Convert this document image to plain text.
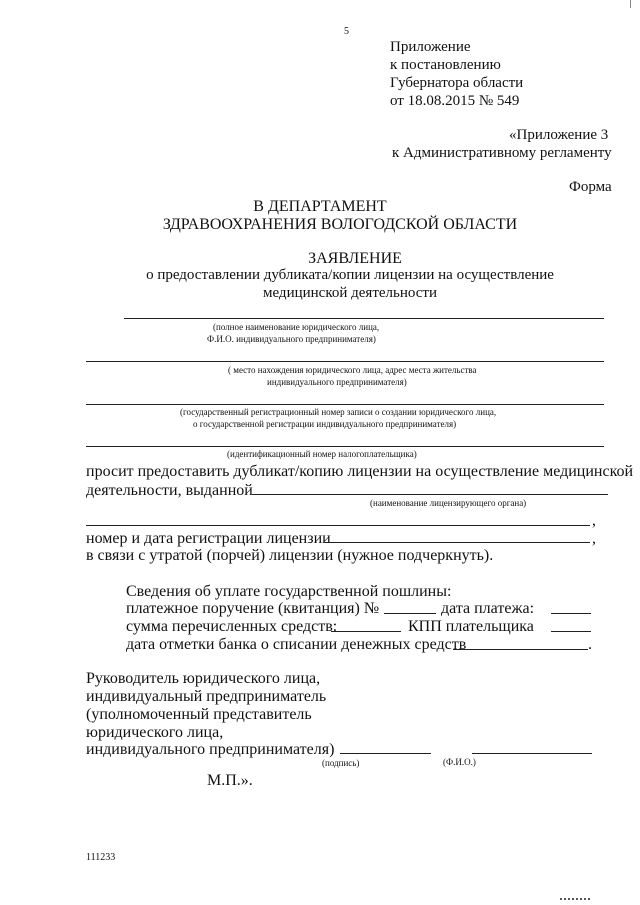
5
Приложение
к постановлению
Губернатора области
от 18.08.2015 № 549
«Приложение 3
к Административному регламенту
Форма
В ДЕПАРТАМЕНТ
ЗДРАВООХРАНЕНИЯ ВОЛОГОДСКОЙ ОБЛАСТИ
ЗАЯВЛЕНИЕ
о предоставлении дубликата/копии лицензии на осуществление
медицинской деятельности
(полное наименование юридического лица,
Ф.И.О. индивидуального предпринимателя)
( место нахождения юридического лица, адрес места жительства
индивидуального предпринимателя)
(государственный регистрационный номер записи о создании юридического лица,
о государственной регистрации индивидуального предпринимателя)
(идентификационный номер налогоплательщика)
просит предоставить дубликат/копию лицензии на осуществление медицинской
деятельности, выданной
(наименование лицензирующего органа)
,
номер и дата регистрации лицензии	,
в связи с утратой (порчей) лицензии (нужное подчеркнуть).
Сведения об уплате государственной пошлины:
платежное поручение (квитанция) №	дата платежа:
сумма перечисленных средств:	КПП плательщика
дата отметки банка о списании денежных средств	.
Руководитель юридического лица,
индивидуальный предприниматель
(уполномоченный представитель
юридического лица,
индивидуального предпринимателя)
(подпись)	(Ф.И.О.)
М.П.».
111233
